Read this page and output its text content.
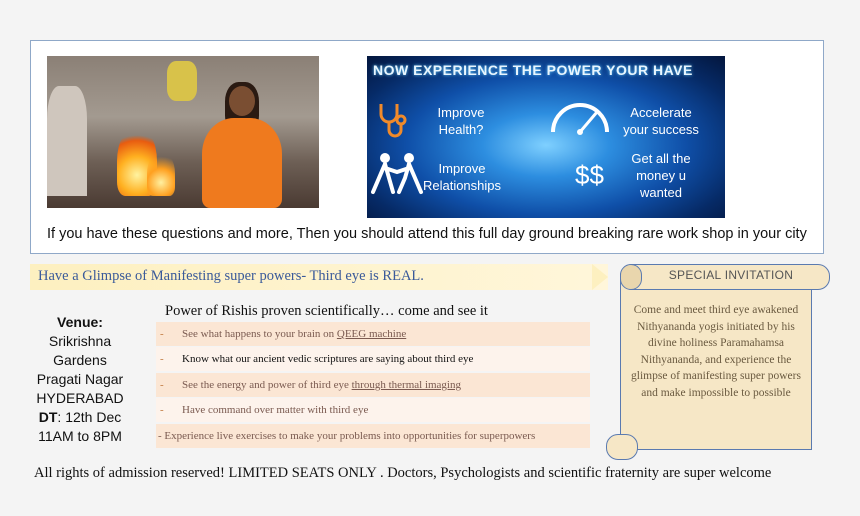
NOW EXPERIENCE THE POWER YOUR HAVE
Improve
Health?
Accelerate
your success
Improve
Relationships	$$
Get all the
money u
wanted
If you have these questions and more, Then you should attend this full day ground breaking rare work shop in your city
Have a Glimpse of Manifesting super powers- Third eye is REAL.
Venue:
Srikrishna
Gardens
Pragati Nagar
HYDERABAD
DT: 12th Dec
11AM to 8PM
Power of Rishis proven scientifically… come and see it
- See what happens to your brain on QEEG machine
- Know what our ancient vedic scriptures are saying about third eye
- See the energy and power of third eye through thermal imaging
- Have command over matter with third eye
- Experience live exercises to make your problems into opportunities for superpowers
SPECIAL INVITATION
Come and meet third eye awakened Nithyananda yogis initiated by his divine holiness Paramahamsa Nithyananda, and experience the glimpse of manifesting super powers and make impossible to possible
All rights of admission reserved! LIMITED SEATS ONLY . Doctors, Psychologists and scientific fraternity are super welcome
